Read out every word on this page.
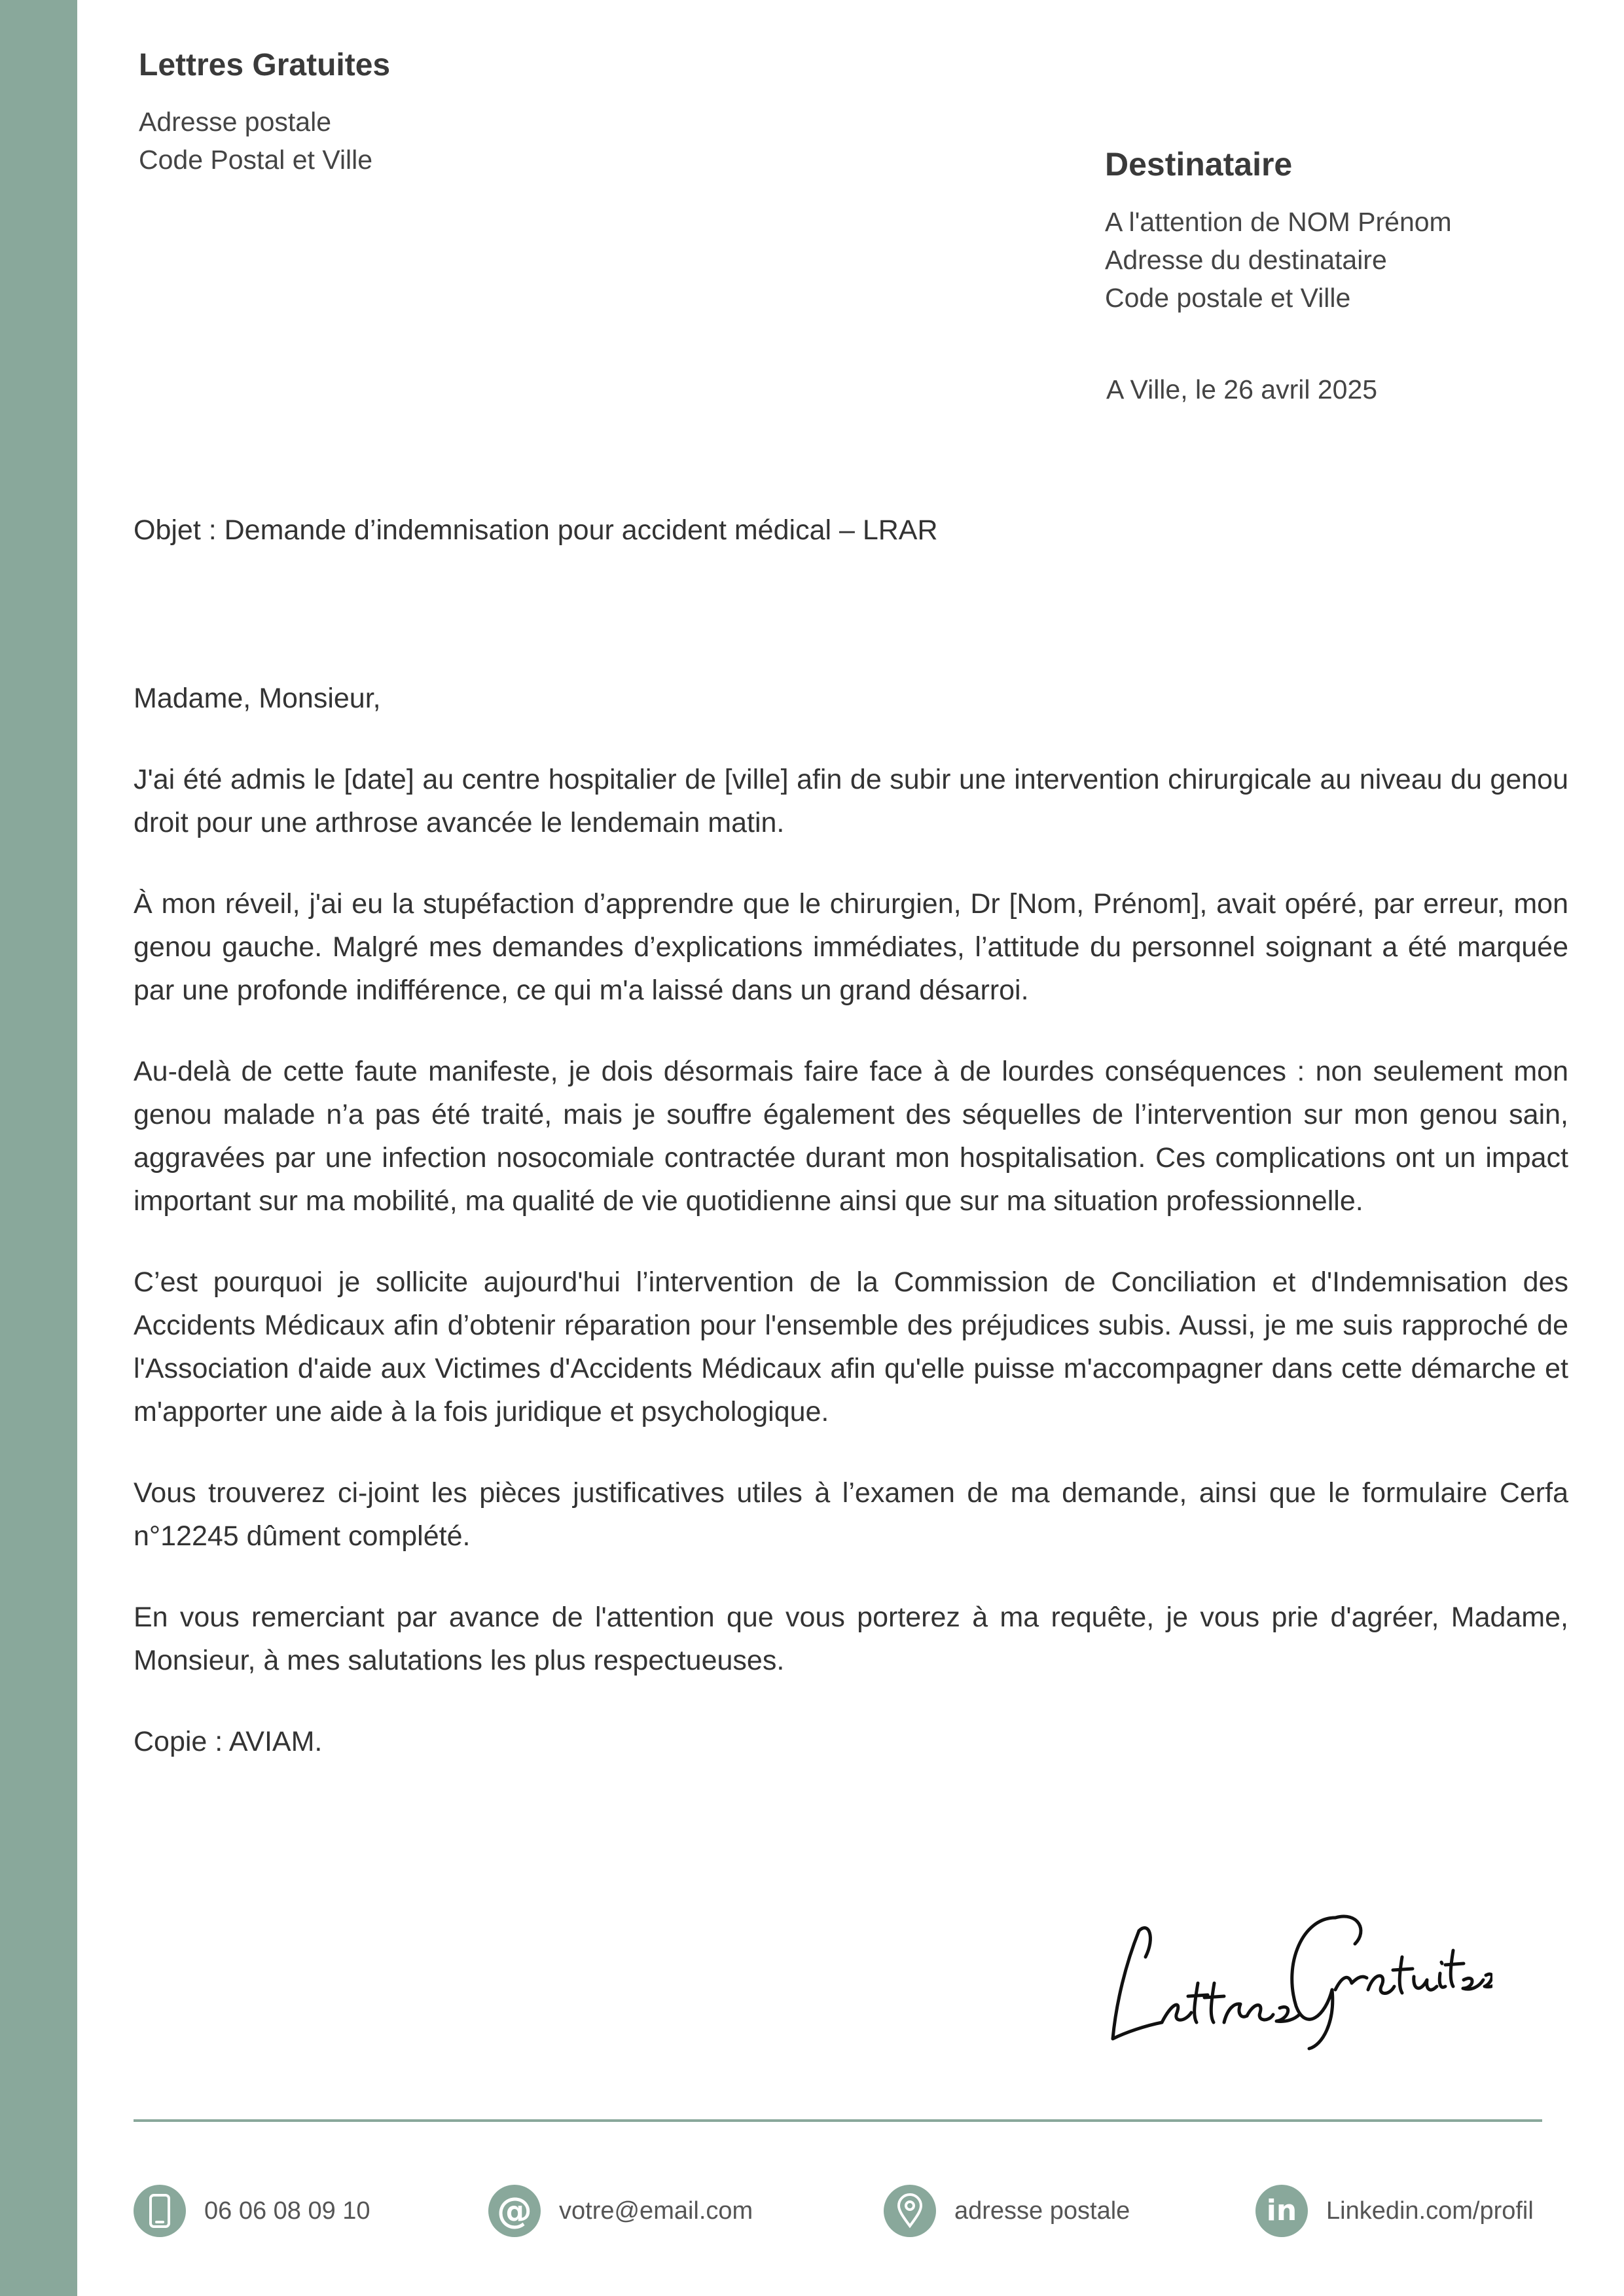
Lettres Gratuites
Adresse postale
Code Postal et Ville	Destinataire
A l'attention de NOM Prénom
Adresse du destinataire
Code postale et Ville
A Ville, le 26 avril 2025
Objet : Demande d’indemnisation pour accident médical – LRAR

Madame, Monsieur,

J'ai été admis le [date] au centre hospitalier de [ville] afin de subir une intervention chirurgicale au niveau du genou droit pour une arthrose avancée le lendemain matin.

À mon réveil, j'ai eu la stupéfaction d’apprendre que le chirurgien, Dr [Nom, Prénom], avait opéré, par erreur, mon genou gauche. Malgré mes demandes d’explications immédiates, l’attitude du personnel soignant a été marquée par une profonde indifférence, ce qui m'a laissé dans un grand désarroi.

Au-delà de cette faute manifeste, je dois désormais faire face à de lourdes conséquences : non seulement mon genou malade n’a pas été traité, mais je souffre également des séquelles de l’intervention sur mon genou sain, aggravées par une infection nosocomiale contractée durant mon hospitalisation. Ces complications ont un impact important sur ma mobilité, ma qualité de vie quotidienne ainsi que sur ma situation professionnelle.

C’est pourquoi je sollicite aujourd'hui l’intervention de la Commission de Conciliation et d'Indemnisation des Accidents Médicaux afin d’obtenir réparation pour l'ensemble des préjudices subis. Aussi, je me suis rapproché de l'Association d'aide aux Victimes d'Accidents Médicaux afin qu'elle puisse m'accompagner dans cette démarche et m'apporter une aide à la fois juridique et psychologique.

Vous trouverez ci-joint les pièces justificatives utiles à l’examen de ma demande, ainsi que le formulaire Cerfa n°12245 dûment complété.

En vous remerciant par avance de l'attention que vous porterez à ma requête, je vous prie d'agréer, Madame, Monsieur, à mes salutations les plus respectueuses.

Copie : AVIAM.

06 06 08 09 10	@ votre@email.com	adresse postale	in Linkedin.com/profil
